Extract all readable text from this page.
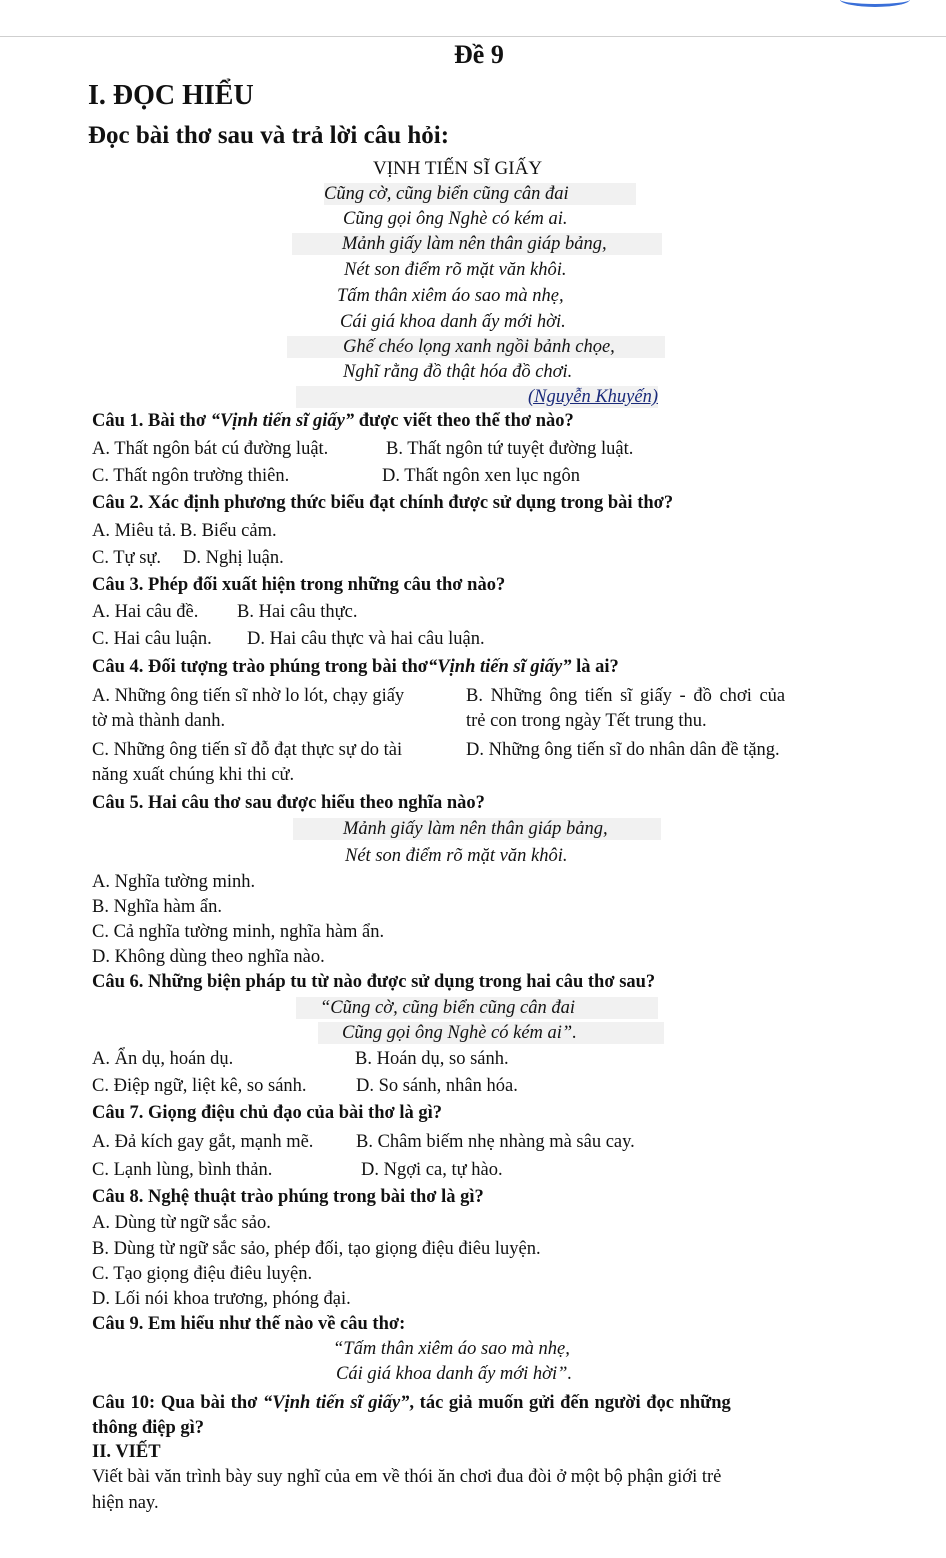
Đề 9
I. ĐỌC HIỂU
Đọc bài thơ sau và trả lời câu hỏi:
VỊNH TIẾN SĨ GIẤY
Cũng cờ, cũng biển cũng cân đai
Cũng gọi ông Nghè có kém ai.
Mảnh giấy làm nên thân giáp bảng,
Nét son điểm rõ mặt văn khôi.
Tấm thân xiêm áo sao mà nhẹ,
Cái giá khoa danh ấy mới hời.
Ghế chéo lọng xanh ngồi bảnh chọe,
Nghĩ rằng đồ thật hóa đồ chơi.
(Nguyễn Khuyến)
Câu 1. Bài thơ “Vịnh tiến sĩ giấy” được viết theo thể thơ nào?
A. Thất ngôn bát cú đường luật.	B. Thất ngôn tứ tuyệt đường luật.
C. Thất ngôn trường thiên.	D. Thất ngôn xen lục ngôn
Câu 2. Xác định phương thức biểu đạt chính được sử dụng trong bài thơ?
A. Miêu tả. B. Biểu cảm.
C. Tự sự. D. Nghị luận.
Câu 3. Phép đối xuất hiện trong những câu thơ nào?
A. Hai câu đề. B. Hai câu thực.
C. Hai câu luận. D. Hai câu thực và hai câu luận.
Câu 4. Đối tượng trào phúng trong bài thơ“Vịnh tiến sĩ giấy” là ai?
A. Những ông tiến sĩ nhờ lo lót, chạy giấy
tờ mà thành danh.
B. Những ông tiến sĩ giấy - đồ chơi của
trẻ con trong ngày Tết trung thu.
C. Những ông tiến sĩ đỗ đạt thực sự do tài
năng xuất chúng khi thi cử.
D. Những ông tiến sĩ do nhân dân đề tặng.
Câu 5. Hai câu thơ sau được hiểu theo nghĩa nào?
Mảnh giấy làm nên thân giáp bảng,
Nét son điểm rõ mặt văn khôi.
A. Nghĩa tường minh.
B. Nghĩa hàm ẩn.
C. Cả nghĩa tường minh, nghĩa hàm ẩn.
D. Không dùng theo nghĩa nào.
Câu 6. Những biện pháp tu từ nào được sử dụng trong hai câu thơ sau?
“Cũng cờ, cũng biển cũng cân đai
Cũng gọi ông Nghè có kém ai”.
A. Ẩn dụ, hoán dụ.	B. Hoán dụ, so sánh.
C. Điệp ngữ, liệt kê, so sánh.	D. So sánh, nhân hóa.
Câu 7. Giọng điệu chủ đạo của bài thơ là gì?
A. Đả kích gay gắt, mạnh mẽ. B. Châm biếm nhẹ nhàng mà sâu cay.
C. Lạnh lùng, bình thản.	D. Ngợi ca, tự hào.
Câu 8. Nghệ thuật trào phúng trong bài thơ là gì?
A. Dùng từ ngữ sắc sảo.
B. Dùng từ ngữ sắc sảo, phép đối, tạo giọng điệu điêu luyện.
C. Tạo giọng điệu điêu luyện.
D. Lối nói khoa trương, phóng đại.
Câu 9. Em hiểu như thế nào về câu thơ:
“Tấm thân xiêm áo sao mà nhẹ,
Cái giá khoa danh ấy mới hời”.
Câu 10: Qua bài thơ “Vịnh tiến sĩ giấy”, tác giả muốn gửi đến người đọc những
thông điệp gì?
II. VIẾT
Viết bài văn trình bày suy nghĩ của em về thói ăn chơi đua đòi ở một bộ phận giới trẻ
hiện nay.
